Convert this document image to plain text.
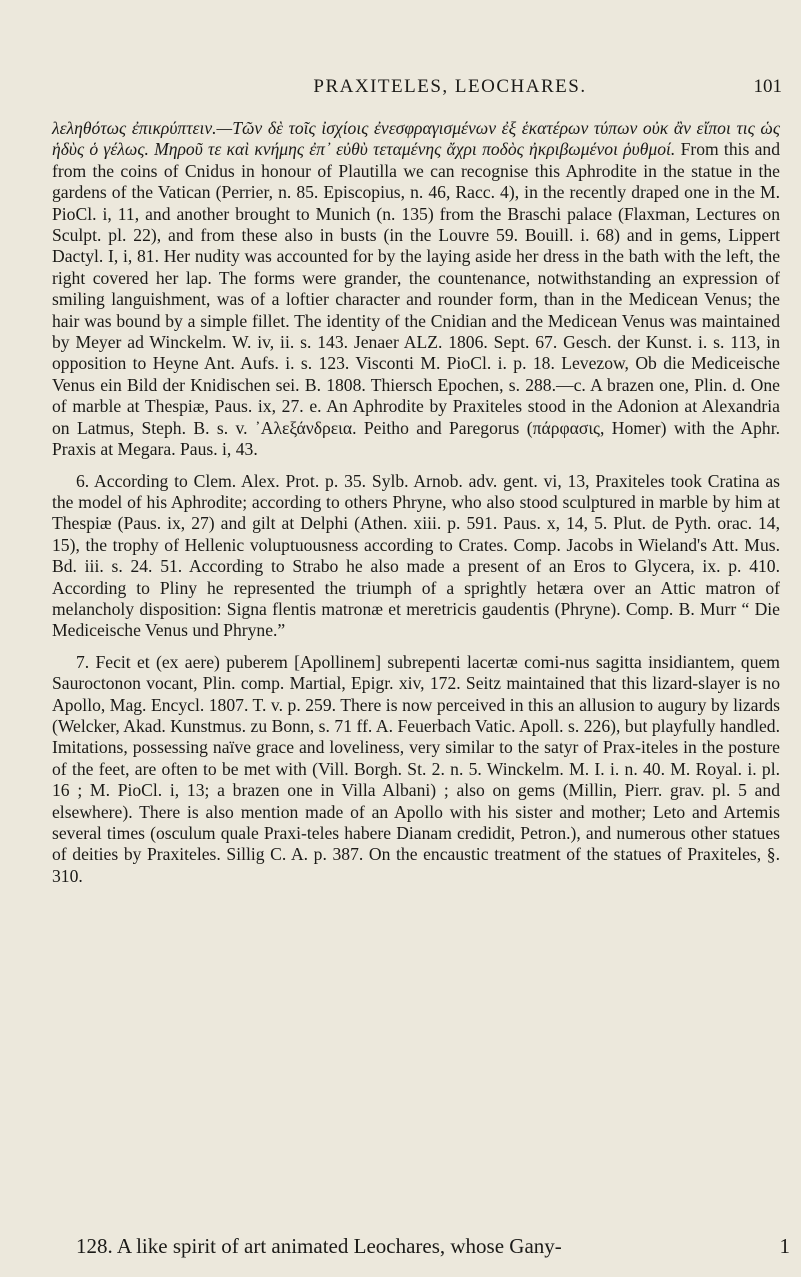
PRAXITELES, LEOCHARES.	101

λεληθότως ἐπικρύπτειν.—Τῶν δὲ τοῖς ἰσχίοις ἐνεσφραγισμένων ἐξ ἑκατέρων τύπων οὐκ ἂν εἴποι τις ὡς ἡδὺς ὁ γέλως. Μηροῦ τε καὶ κνήμης ἐπ᾽ εὐθὺ τεταμένης ἄχρι ποδὸς ἠκριβωμένοι ῥυθμοί. From this and from the coins of Cnidus in honour of Plautilla we can recognise this Aphrodite in the statue in the gardens of the Vatican (Perrier, n. 85. Episcopius, n. 46, Racc. 4), in the recently draped one in the M. PioCl. i, 11, and another brought to Munich (n. 135) from the Braschi palace (Flaxman, Lectures on Sculpt. pl. 22), and from these also in busts (in the Louvre 59. Bouill. i. 68) and in gems, Lippert Dactyl. I, i, 81. Her nudity was accounted for by the laying aside her dress in the bath with the left, the right covered her lap. The forms were grander, the countenance, notwithstanding an expression of smiling languishment, was of a loftier character and rounder form, than in the Medicean Venus; the hair was bound by a simple fillet. The identity of the Cnidian and the Medicean Venus was maintained by Meyer ad Winckelm. W. iv, ii. s. 143. Jenaer ALZ. 1806. Sept. 67. Gesch. der Kunst. i. s. 113, in opposition to Heyne Ant. Aufs. i. s. 123. Visconti M. PioCl. i. p. 18. Levezow, Ob die Mediceische Venus ein Bild der Knidischen sei. B. 1808. Thiersch Epochen, s. 288.—c. A brazen one, Plin. d. One of marble at Thespiæ, Paus. ix, 27. e. An Aphrodite by Praxiteles stood in the Adonion at Alexandria on Latmus, Steph. B. s. v. ᾿Αλεξάνδρεια. Peitho and Paregorus (πάρφασις, Homer) with the Aphr. Praxis at Megara. Paus. i, 43.

6. According to Clem. Alex. Prot. p. 35. Sylb. Arnob. adv. gent. vi, 13, Praxiteles took Cratina as the model of his Aphrodite; according to others Phryne, who also stood sculptured in marble by him at Thespiæ (Paus. ix, 27) and gilt at Delphi (Athen. xiii. p. 591. Paus. x, 14, 5. Plut. de Pyth. orac. 14, 15), the trophy of Hellenic voluptuousness according to Crates. Comp. Jacobs in Wieland's Att. Mus. Bd. iii. s. 24. 51. According to Strabo he also made a present of an Eros to Glycera, ix. p. 410. According to Pliny he represented the triumph of a sprightly hetæra over an Attic matron of melancholy disposition: Signa flentis matronæ et meretricis gaudentis (Phryne). Comp. B. Murr “ Die Mediceische Venus und Phryne.”

7. Fecit et (ex aere) puberem [Apollinem] subrepenti lacertæ comi-nus sagitta insidiantem, quem Sauroctonon vocant, Plin. comp. Martial, Epigr. xiv, 172. Seitz maintained that this lizard-slayer is no Apollo, Mag. Encycl. 1807. T. v. p. 259. There is now perceived in this an allusion to augury by lizards (Welcker, Akad. Kunstmus. zu Bonn, s. 71 ff. A. Feuerbach Vatic. Apoll. s. 226), but playfully handled. Imitations, possessing naïve grace and loveliness, very similar to the satyr of Prax-iteles in the posture of the feet, are often to be met with (Vill. Borgh. St. 2. n. 5. Winckelm. M. I. i. n. 40. M. Royal. i. pl. 16 ; M. PioCl. i, 13; a brazen one in Villa Albani) ; also on gems (Millin, Pierr. grav. pl. 5 and elsewhere). There is also mention made of an Apollo with his sister and mother; Leto and Artemis several times (osculum quale Praxi-teles habere Dianam credidit, Petron.), and numerous other statues of deities by Praxiteles. Sillig C. A. p. 387. On the encaustic treatment of the statues of Praxiteles, §. 310.

128. A like spirit of art animated Leochares, whose Gany-	1
